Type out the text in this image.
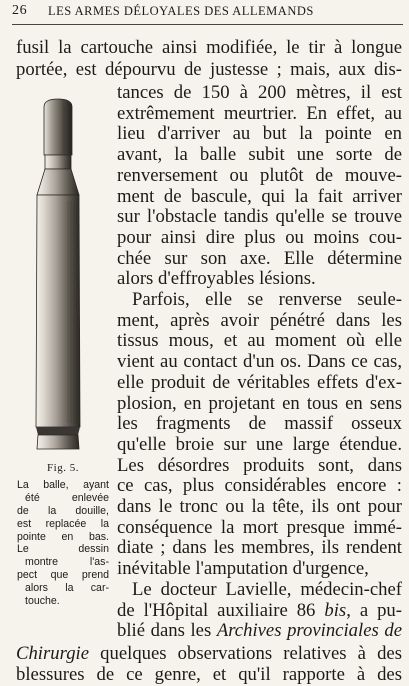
26 LES ARMES DÉLOYALES DES ALLEMANDS
Fig. 5.
La balle, ayant
été enlevée
de la douille,
est replacée la
pointe en bas.
Le dessin
montre l'as-
pect que prend
alors la car-
touche.
fusil la cartouche ainsi modifiée, le tir à longue
portée, est dépourvu de justesse ; mais, aux dis-
tances de 150 à 200 mètres, il est
extrêmement meurtrier. En effet, au
lieu d'arriver au but la pointe en
avant, la balle subit une sorte de
renversement ou plutôt de mouve-
ment de bascule, qui la fait arriver
sur l'obstacle tandis qu'elle se trouve
pour ainsi dire plus ou moins cou-
chée sur son axe. Elle détermine
alors d'effroyables lésions.
Parfois, elle se renverse seule-
ment, après avoir pénétré dans les
tissus mous, et au moment où elle
vient au contact d'un os. Dans ce cas,
elle produit de véritables effets d'ex-
plosion, en projetant en tous en sens
les fragments de massif osseux
qu'elle broie sur une large étendue.
Les désordres produits sont, dans
ce cas, plus considérables encore :
dans le tronc ou la tête, ils ont pour
conséquence la mort presque immé-
diate ; dans les membres, ils rendent
inévitable l'amputation d'urgence,
Le docteur Lavielle, médecin-chef
de l'Hôpital auxiliaire 86 bis, a pu-
blié dans les Archives provinciales de
Chirurgie quelques observations relatives à des
blessures de ce genre, et qu'il rapporte à des
